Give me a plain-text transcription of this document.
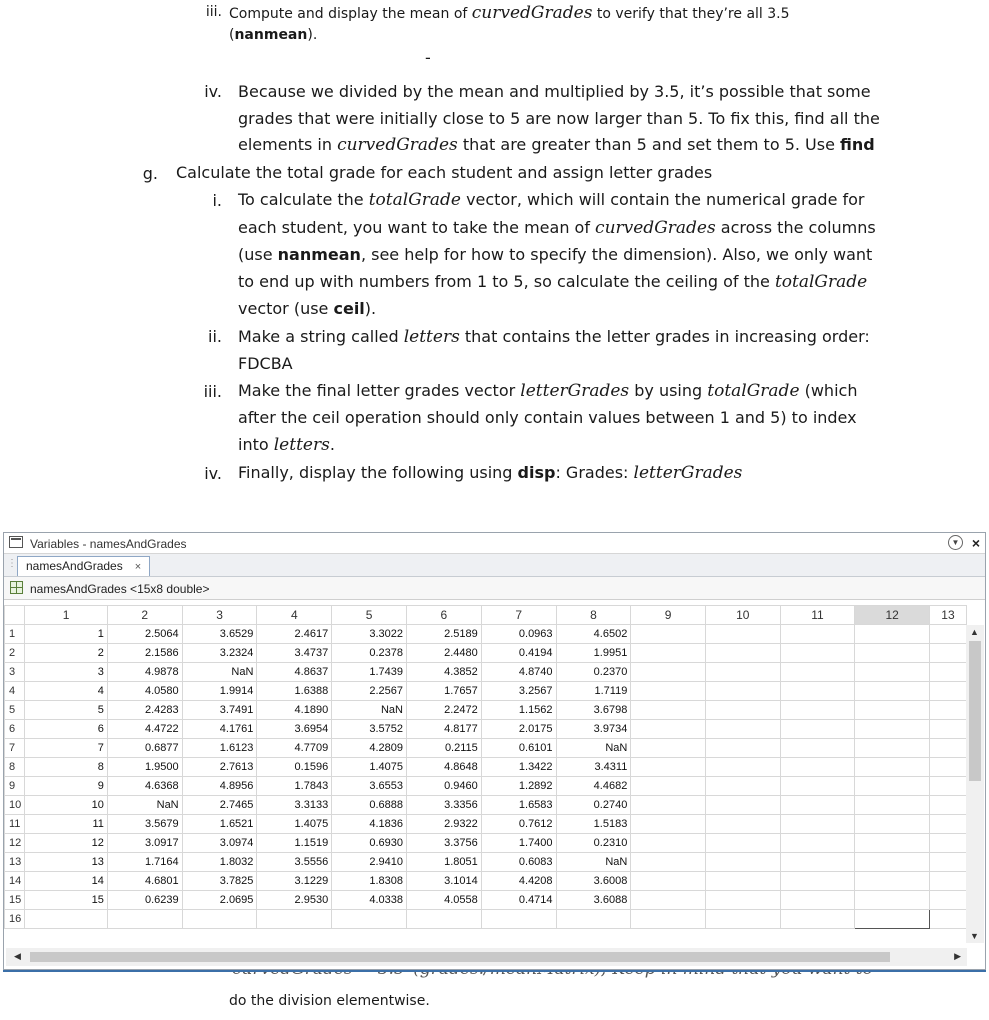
iii. Compute and display the mean of curvedGrades to verify that they’re all 3.5
(nanmean).
-
iv. Because we divided by the mean and multiplied by 3.5, it’s possible that some
grades that were initially close to 5 are now larger than 5. To fix this, find all the
elements in curvedGrades that are greater than 5 and set them to 5. Use find
g. Calculate the total grade for each student and assign letter grades
i. To calculate the totalGrade vector, which will contain the numerical grade for
each student, you want to take the mean of curvedGrades across the columns
(use nanmean, see help for how to specify the dimension). Also, we only want
to end up with numbers from 1 to 5, so calculate the ceiling of the totalGrade
vector (use ceil).
ii. Make a string called letters that contains the letter grades in increasing order:
FDCBA
iii. Make the final letter grades vector letterGrades by using totalGrade (which
after the ceil operation should only contain values between 1 and 5) to index
into letters.
iv. Finally, display the following using disp: Grades: letterGrades
do the division elementwise.
Variables - namesAndGrades	▼ ×
⋮ namesAndGrades ×
namesAndGrades <15x8 double>
	1	2	3	4	5	6	7	8	9	10	11	12	13
1	1	2.5064	3.6529	2.4617	3.3022	2.5189	0.0963	4.6502					
2	2	2.1586	3.2324	3.4737	0.2378	2.4480	0.4194	1.9951					
3	3	4.9878	NaN	4.8637	1.7439	4.3852	4.8740	0.2370					
4	4	4.0580	1.9914	1.6388	2.2567	1.7657	3.2567	1.7119					
5	5	2.4283	3.7491	4.1890	NaN	2.2472	1.1562	3.6798					
6	6	4.4722	4.1761	3.6954	3.5752	4.8177	2.0175	3.9734					
7	7	0.6877	1.6123	4.7709	4.2809	0.2115	0.6101	NaN					
8	8	1.9500	2.7613	0.1596	1.4075	4.8648	1.3422	3.4311					
9	9	4.6368	4.8956	1.7843	3.6553	0.9460	1.2892	4.4682					
10	10	NaN	2.7465	3.3133	0.6888	3.3356	1.6583	0.2740					
11	11	3.5679	1.6521	1.4075	4.1836	2.9322	0.7612	1.5183					
12	12	3.0917	3.0974	1.1519	0.6930	3.3756	1.7400	0.2310					
13	13	1.7164	1.8032	3.5556	2.9410	1.8051	0.6083	NaN					
14	14	4.6801	3.7825	3.1229	1.8308	3.1014	4.4208	3.6008					
15	15	0.6239	2.0695	2.9530	4.0338	4.0558	0.4714	3.6088					
16													
▲
▼
◀	▶
